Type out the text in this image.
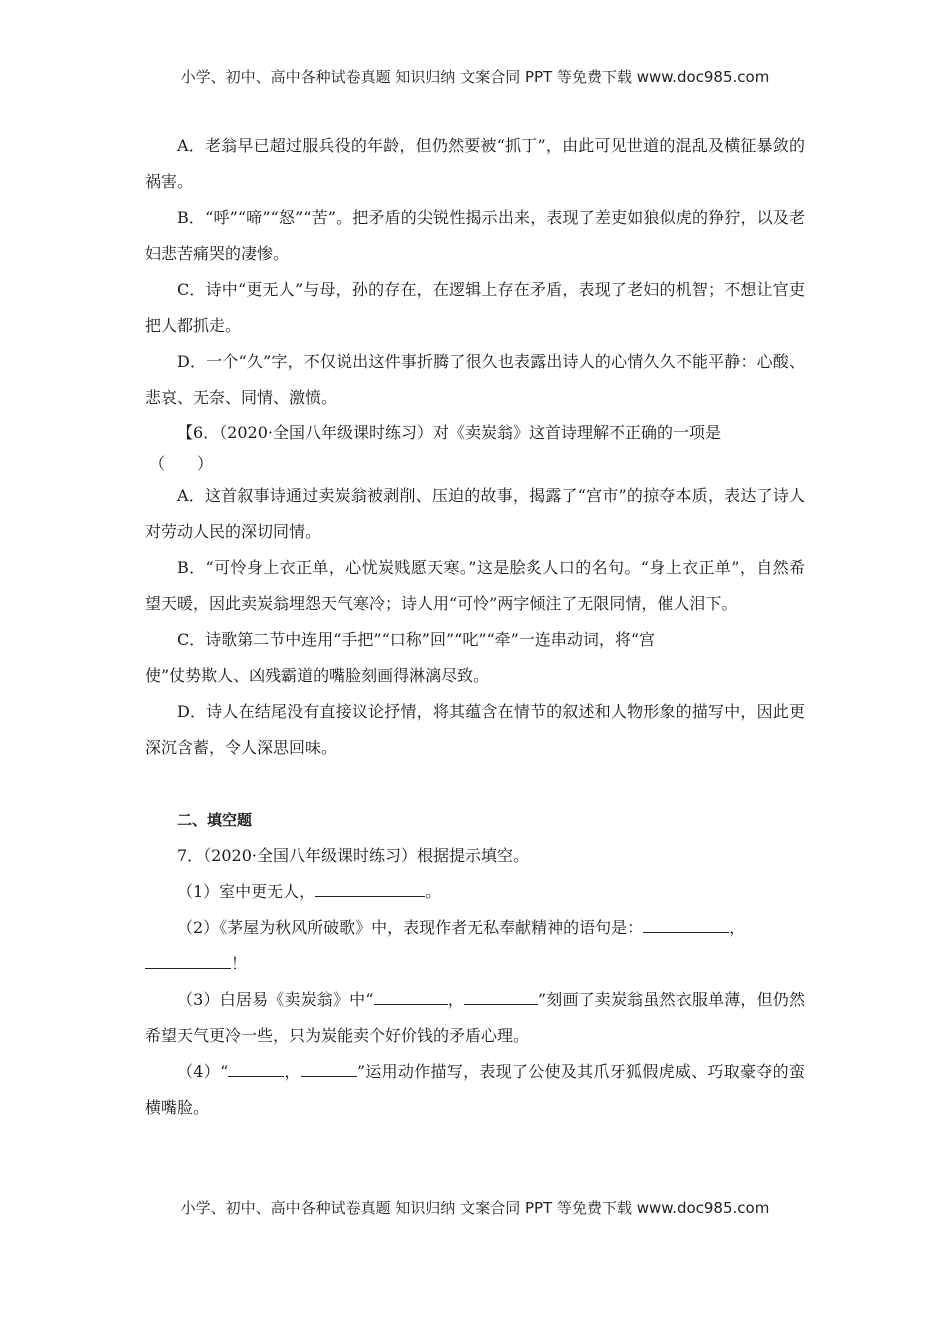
小学、初中、高中各种试卷真题 知识归纳 文案合同 PPT 等免费下载 www.doc985.com

A．老翁早已超过服兵役的年龄，但仍然要被“抓丁”，由此可见世道的混乱及横征暴敛的祸害。

B．“呼”“啼”“怒”“苦”。把矛盾的尖锐性揭示出来，表现了差吏如狼似虎的狰狞，以及老妇悲苦痛哭的凄惨。

C．诗中“更无人”与母，孙的存在，在逻辑上存在矛盾，表现了老妇的机智；不想让官吏把人都抓走。

D．一个“久”字，不仅说出这件事折腾了很久也表露出诗人的心情久久不能平静：心酸、悲哀、无奈、同情、激愤。

【6．（2020·全国八年级课时练习）对《卖炭翁》这首诗理解不正确的一项是

（　　）

A．这首叙事诗通过卖炭翁被剥削、压迫的故事，揭露了“宫市”的掠夺本质，表达了诗人对劳动人民的深切同情。

B．“可怜身上衣正单，心忧炭贱愿天寒。”这是脍炙人口的名句。“身上衣正单”，自然希望天暖，因此卖炭翁埋怨天气寒冷；诗人用“可怜”两字倾注了无限同情，催人泪下。

C．诗歌第二节中连用“手把”“口称”回”“叱”“牵”一连串动词，将“宫

使”仗势欺人、凶残霸道的嘴脸刻画得淋漓尽致。

D．诗人在结尾没有直接议论抒情，将其蕴含在情节的叙述和人物形象的描写中，因此更深沉含蓄，令人深思回味。

二、填空题

7．（2020·全国八年级课时练习）根据提示填空。

（1）室中更无人，	。

（2）《茅屋为秋风所破歌》中，表现作者无私奉献精神的语句是：	，

！

（3）白居易《卖炭翁》中“	，	”刻画了卖炭翁虽然衣服单薄，但仍然希望天气更冷一些，只为炭能卖个好价钱的矛盾心理。

（4）“	，	”运用动作描写，表现了公使及其爪牙狐假虎威、巧取豪夺的蛮横嘴脸。

小学、初中、高中各种试卷真题 知识归纳 文案合同 PPT 等免费下载 www.doc985.com
